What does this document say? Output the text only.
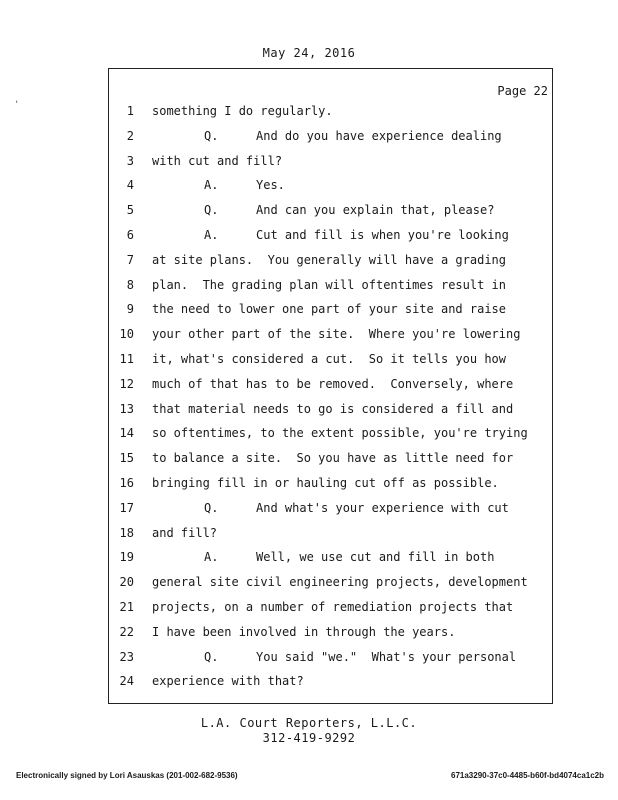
May 24, 2016
Page 22
'	1 something I do regularly.
2	Q.	And do you have experience dealing
3 with cut and fill?
4	A.	Yes.
5	Q.	And can you explain that, please?
6	A.	Cut and fill is when you're looking
7 at site plans.  You generally will have a grading
8 plan.  The grading plan will oftentimes result in
9 the need to lower one part of your site and raise
10 your other part of the site.  Where you're lowering
11 it, what's considered a cut.  So it tells you how
12 much of that has to be removed.  Conversely, where
13 that material needs to go is considered a fill and
14 so oftentimes, to the extent possible, you're trying
15 to balance a site.  So you have as little need for
16 bringing fill in or hauling cut off as possible.
17	Q.	And what's your experience with cut
18 and fill?
19	A.	Well, we use cut and fill in both
20 general site civil engineering projects, development
21 projects, on a number of remediation projects that
22 I have been involved in through the years.
23	Q.	You said "we."  What's your personal
24 experience with that?
L.A. Court Reporters, L.L.C.
312-419-9292
Electronically signed by Lori Asauskas (201-002-682-9536)	671a3290-37c0-4485-b60f-bd4074ca1c2b
